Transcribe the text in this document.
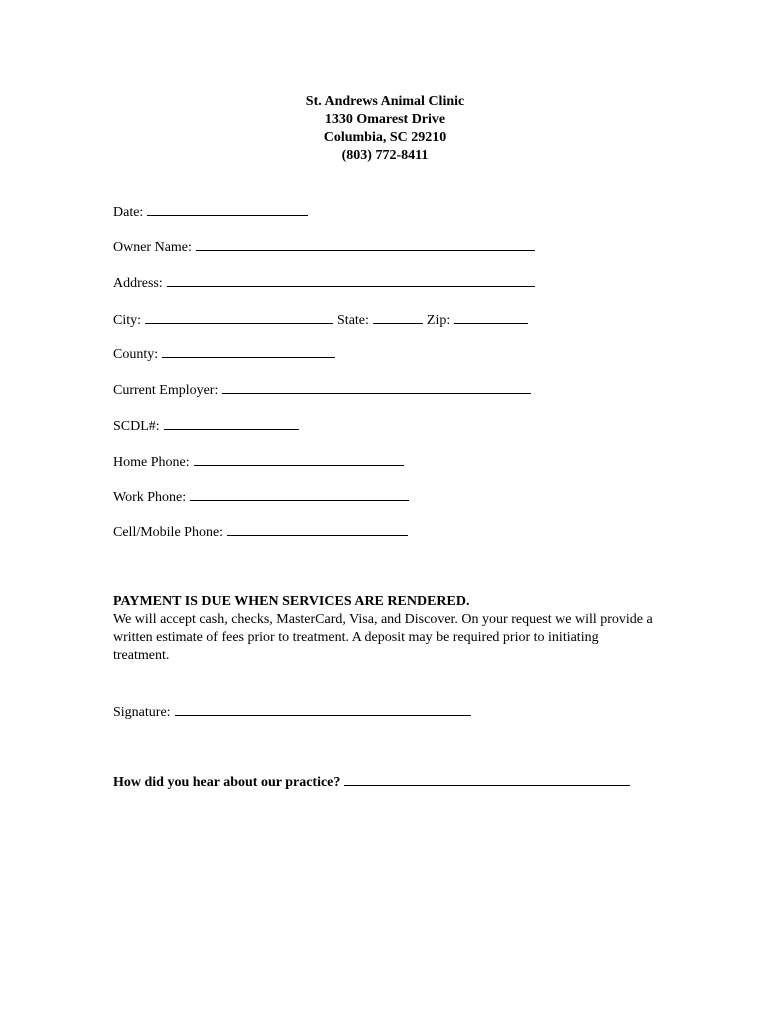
St. Andrews Animal Clinic
1330 Omarest Drive
Columbia, SC 29210
(803) 772-8411
Date:
Owner Name:
Address:
City:	State:	Zip:
County:
Current Employer:
SCDL#:
Home Phone:
Work Phone:
Cell/Mobile Phone:
PAYMENT IS DUE WHEN SERVICES ARE RENDERED.
We will accept cash, checks, MasterCard, Visa, and Discover. On your request we will provide a written estimate of fees prior to treatment. A deposit may be required prior to initiating treatment.
Signature:
How did you hear about our practice?
